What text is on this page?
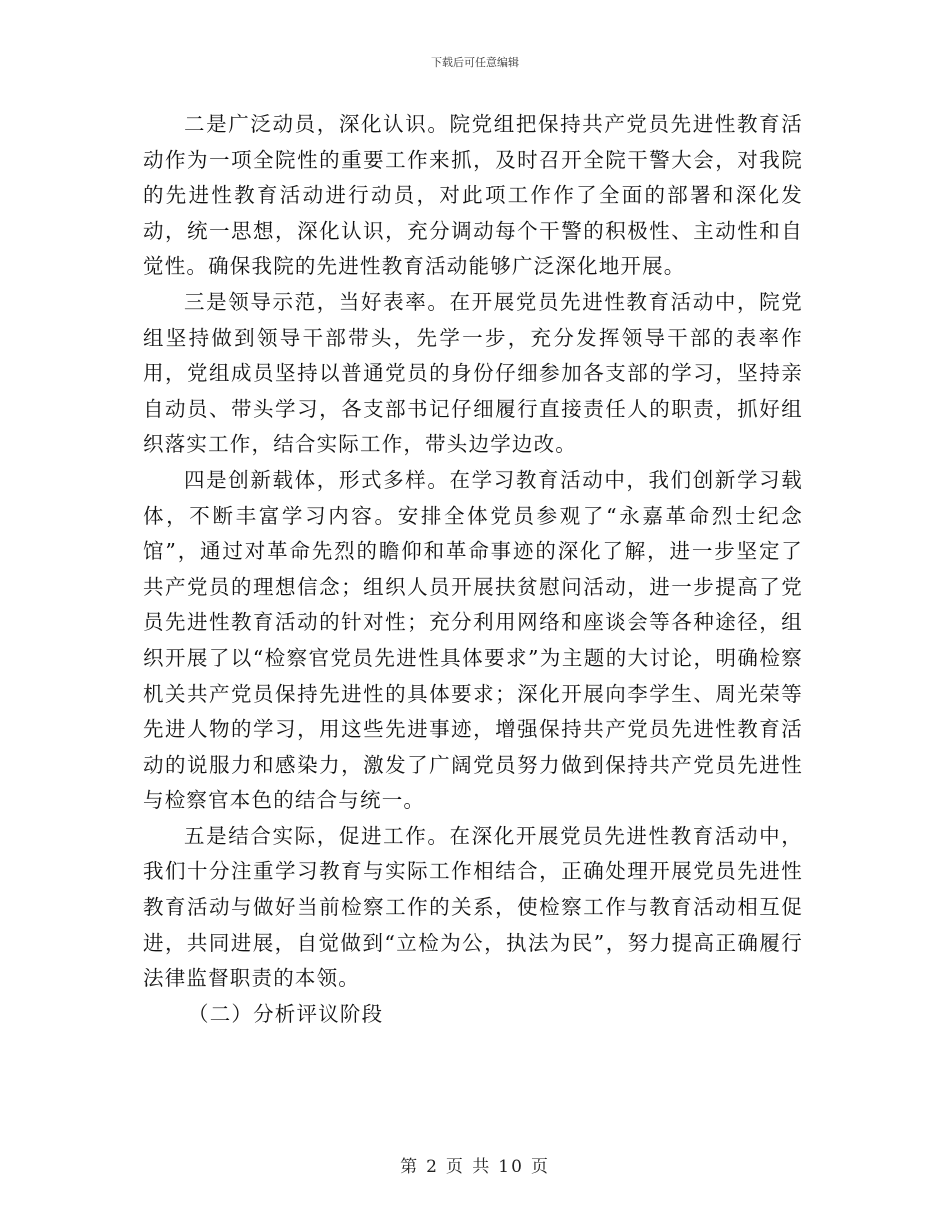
下载后可任意编辑

二是广泛动员，深化认识。院党组把保持共产党员先进性教育活动作为一项全院性的重要工作来抓，及时召开全院干警大会，对我院的先进性教育活动进行动员，对此项工作作了全面的部署和深化发动，统一思想，深化认识，充分调动每个干警的积极性、主动性和自觉性。确保我院的先进性教育活动能够广泛深化地开展。

三是领导示范，当好表率。在开展党员先进性教育活动中，院党组坚持做到领导干部带头，先学一步，充分发挥领导干部的表率作用，党组成员坚持以普通党员的身份仔细参加各支部的学习，坚持亲自动员、带头学习，各支部书记仔细履行直接责任人的职责，抓好组织落实工作，结合实际工作，带头边学边改。

四是创新载体，形式多样。在学习教育活动中，我们创新学习载体，不断丰富学习内容。安排全体党员参观了“永嘉革命烈士纪念馆”，通过对革命先烈的瞻仰和革命事迹的深化了解，进一步坚定了共产党员的理想信念；组织人员开展扶贫慰问活动，进一步提高了党员先进性教育活动的针对性；充分利用网络和座谈会等各种途径，组织开展了以“检察官党员先进性具体要求”为主题的大讨论，明确检察机关共产党员保持先进性的具体要求；深化开展向李学生、周光荣等先进人物的学习，用这些先进事迹，增强保持共产党员先进性教育活动的说服力和感染力，激发了广阔党员努力做到保持共产党员先进性与检察官本色的结合与统一。

五是结合实际，促进工作。在深化开展党员先进性教育活动中，我们十分注重学习教育与实际工作相结合，正确处理开展党员先进性教育活动与做好当前检察工作的关系，使检察工作与教育活动相互促进，共同进展，自觉做到“立检为公，执法为民”，努力提高正确履行法律监督职责的本领。

（二）分析评议阶段

第 2 页 共 10 页
